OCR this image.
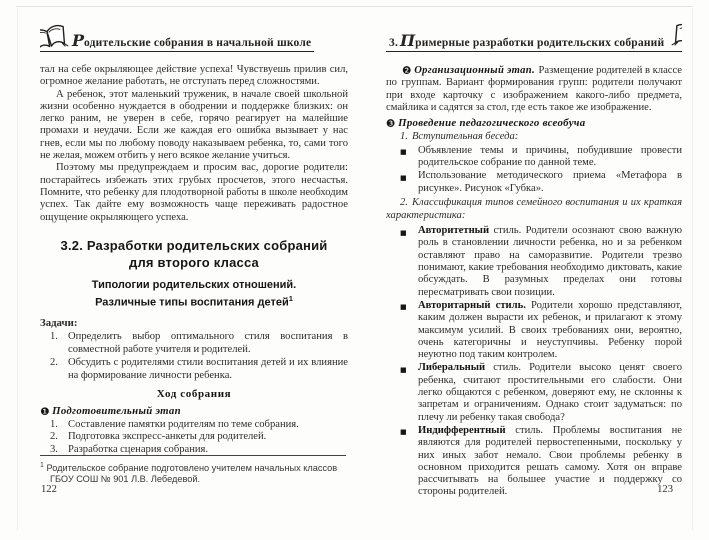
Родительские собрания в начальной школе

тал на себе окрыляющее действие успеха! Чувствуешь прилив сил, огромное желание работать, не отступать перед сложностями.

А ребенок, этот маленький труженик, в начале своей школьной жизни особенно нуждается в ободрении и поддержке близких: он легко раним, не уверен в себе, горячо реагирует на малейшие промахи и неудачи. Если же каждая его ошибка вызывает у нас гнев, если мы по любому поводу наказываем ребенка, то, сами того не желая, можем отбить у него всякое желание учиться.

Поэтому мы предупреждаем и просим вас, дорогие родители: постарайтесь избежать этих грубых просчетов, этого несчастья. Помните, что ребенку для плодотворной работы в школе необходим успех. Так дайте ему возможность чаще переживать радостное ощущение окрыляющего успеха.

3.2. Разработки родительских собраний
для второго класса
Типологии родительских отношений.
Различные типы воспитания детей$^1$

Задачи:

1. Определить выбор оптимального стиля воспитания в совместной работе учителя и родителей.
2. Обсудить с родителями стили воспитания детей и их влияние на формирование личности ребенка.

Ход собрания

❶ Подготовительный этап

1. Составление памятки родителям по теме собрания.
2. Подготовка экспресс-анкеты для родителей.
3. Разработка сценария собрания.

$^1$ Родительское собрание подготовлено учителем начальных классов ГБОУ СОШ № 901 Л.В. Лебедевой.

122
3. Примерные разработки родительских собраний

❷ Организационный этап. Размещение родителей в классе по группам. Вариант формирования групп: родители получают при входе карточку с изображением какого-либо предмета, смайлика и садятся за стол, где есть такое же изображение.

❸ Проведение педагогического всеобуча

1. Вступительная беседа:

■ Объявление темы и причины, побудившие провести родительское собрание по данной теме.
■ Использование методического приема «Метафора в рисунке». Рисунок «Губка».

2. Классификация типов семейного воспитания и их краткая характеристика:

■ Авторитетный стиль. Родители осознают свою важную роль в становлении личности ребенка, но и за ребенком оставляют право на саморазвитие. Родители трезво понимают, какие требования необходимо диктовать, какие обсуждать. В разумных пределах они готовы пересматривать свои позиции.
■ Авторитарный стиль. Родители хорошо представляют, каким должен вырасти их ребенок, и прилагают к этому максимум усилий. В своих требованиях они, вероятно, очень категоричны и неуступчивы. Ребенку порой неуютно под таким контролем.
■ Либеральный стиль. Родители высоко ценят своего ребенка, считают простительными его слабости. Они легко общаются с ребенком, доверяют ему, не склонны к запретам и ограничениям. Однако стоит задуматься: по плечу ли ребенку такая свобода?
■ Индифферентный стиль. Проблемы воспитания не являются для родителей первостепенными, поскольку у них иных забот немало. Свои проблемы ребенку в основном приходится решать самому. Хотя он вправе рассчитывать на большее участие и поддержку со стороны родителей.	123
